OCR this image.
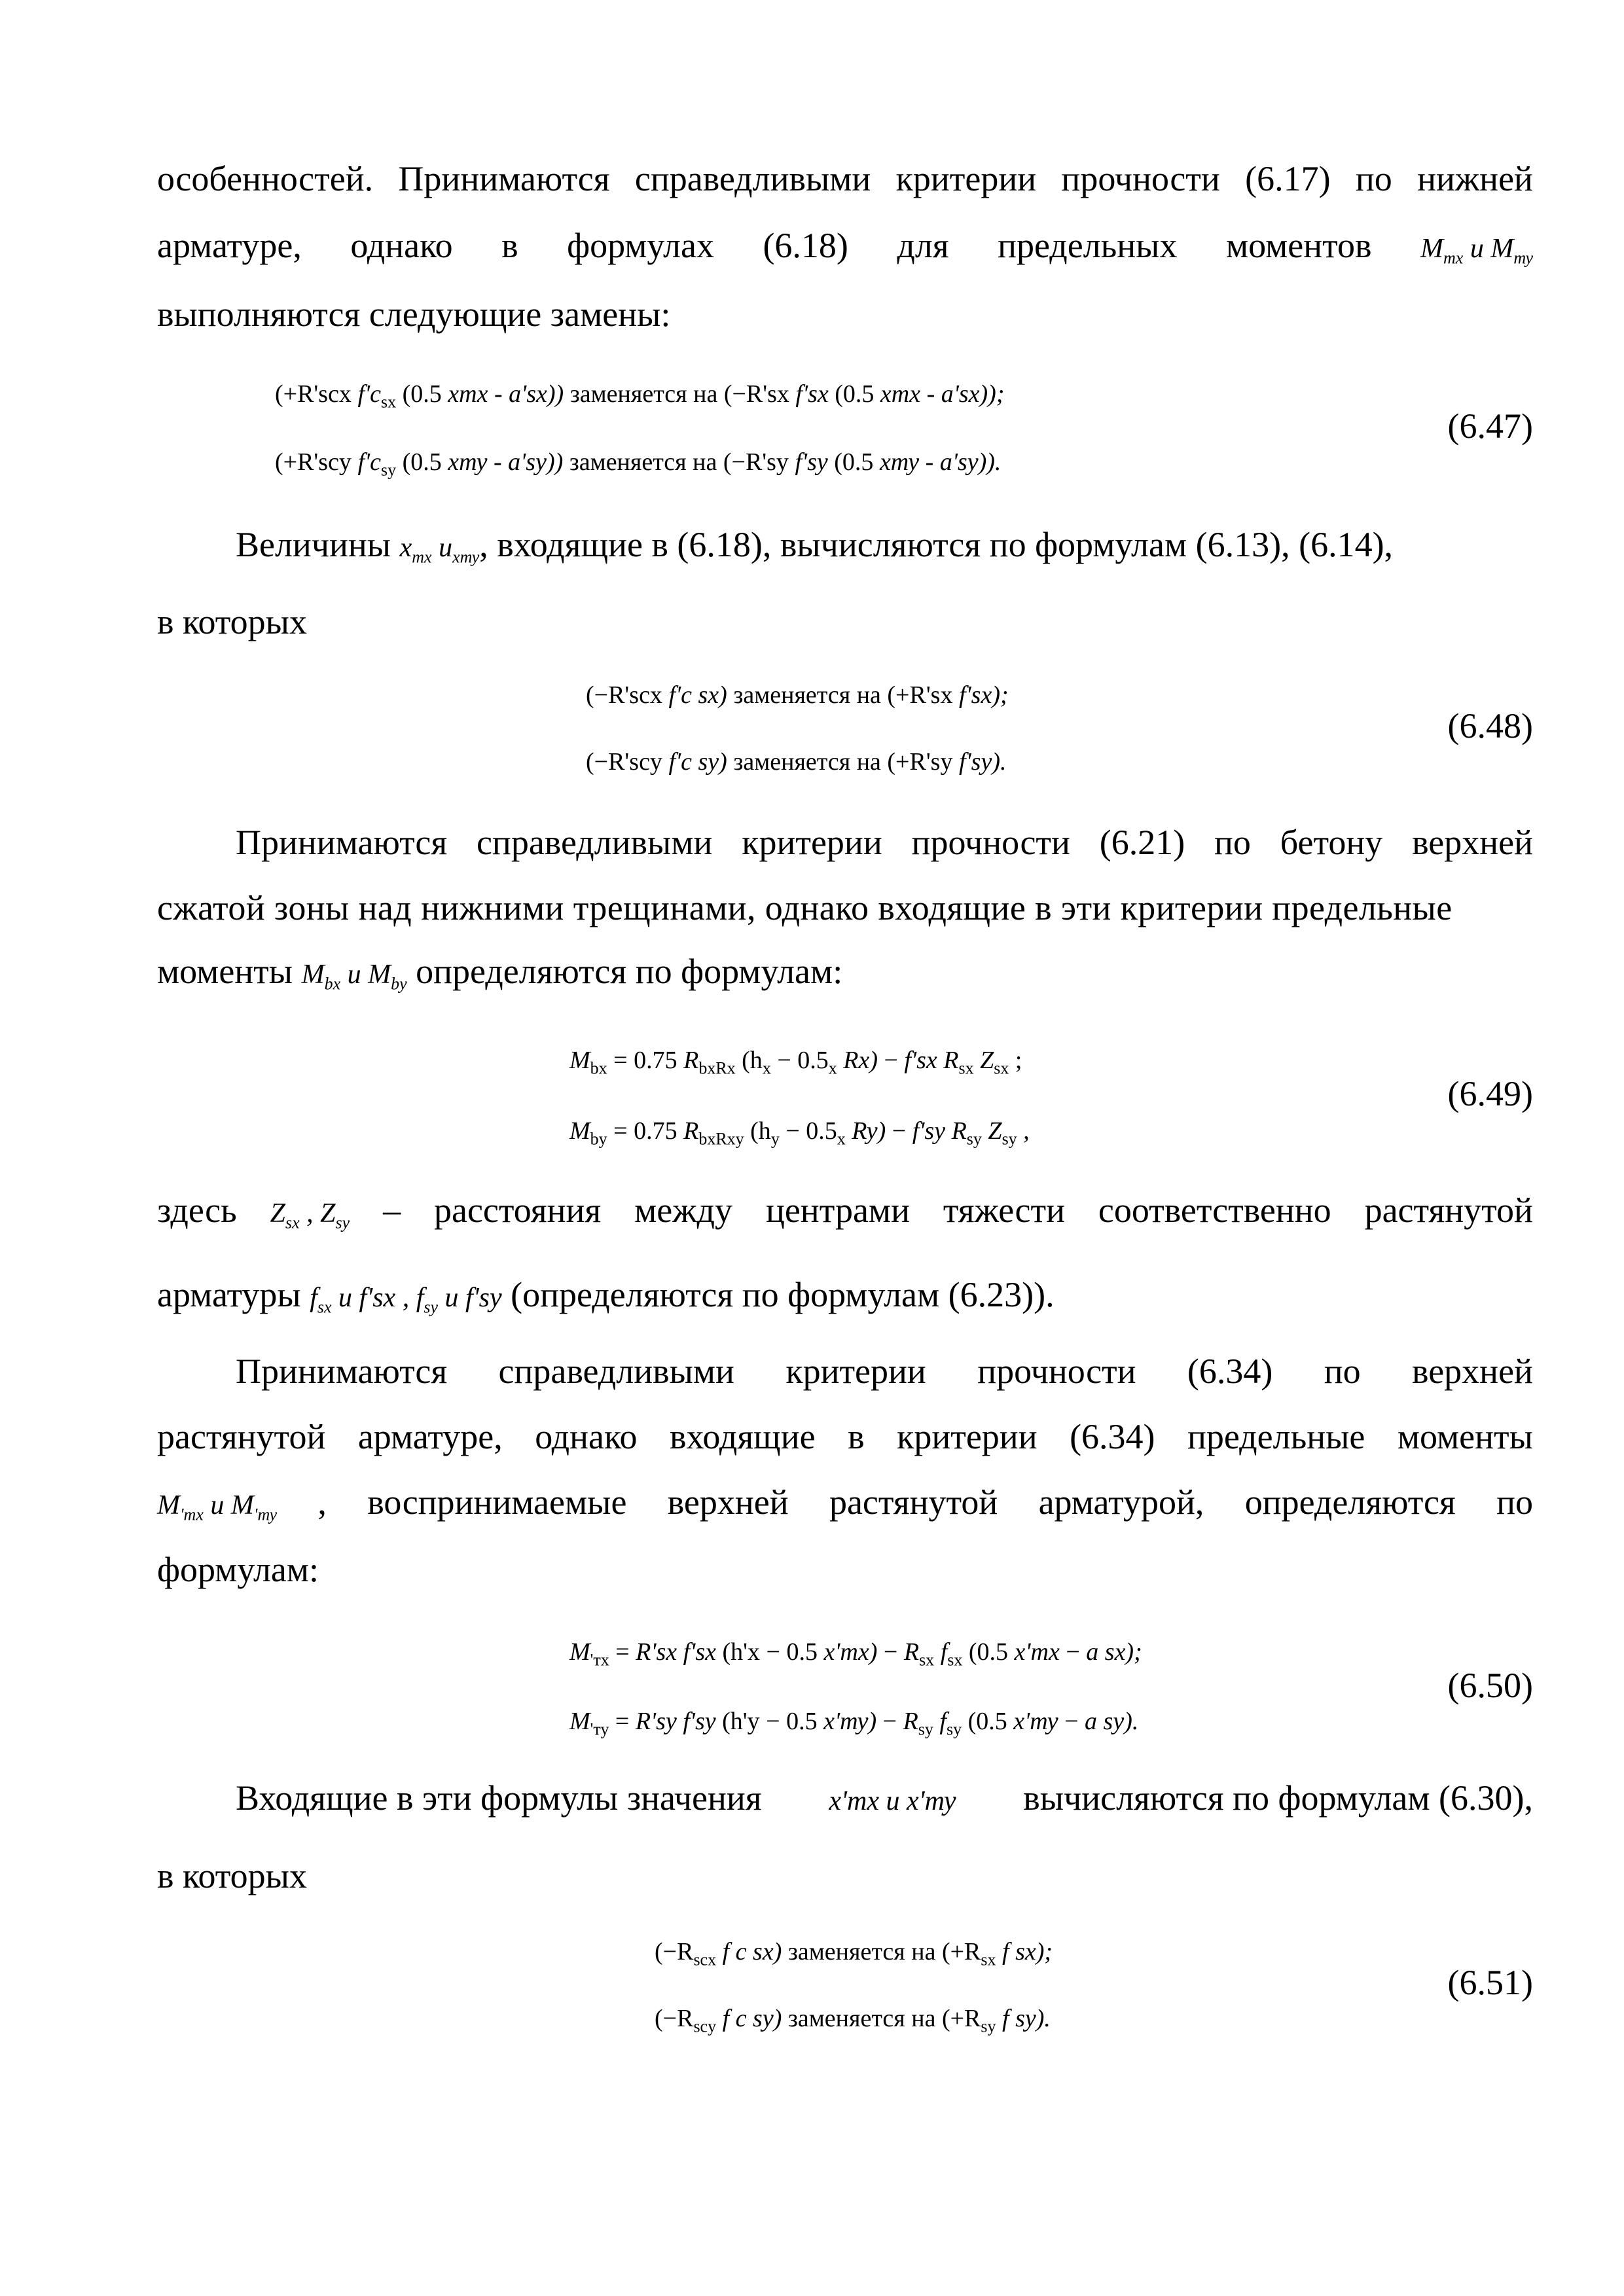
особенностей. Принимаются справедливыми критерии прочности (6.17) по нижней
арматуре, однако в формулах (6.18) для предельных моментов $M_{тх}$ и $M_{ту}$
выполняются следующие замены:
(+R'scx $f'c_{sx}$ (0.5 xтх - a'sx)) заменяется на (−R'sx f'sx (0.5 xтх - a'sx));
(+R'scy $f'c_{sy}$ (0.5 xту - a'sy)) заменяется на (−R'sy f'sy (0.5 xту - a'sy)).
(6.47)
Величины $x_{тх}$ $и_{xту}$, входящие в (6.18), вычисляются по формулам (6.13), (6.14),
в которых
(−R'scx f'c sx) заменяется на (+R'sx f'sx);
(−R'scy f'c sy) заменяется на (+R'sy f'sy).
(6.48)
Принимаются справедливыми критерии прочности (6.21) по бетону верхней
сжатой зоны над нижними трещинами, однако входящие в эти критерии предельные
моменты $M_{bx}$ и $M_{by}$ определяются по формулам:
$M_{bx} = 0.75$ $R_{bxRx}$ ($h_x - 0.5_x$ Rx) − f'sx $R_{sx}$ $Z_{sx}$ ;
$M_{by} = 0.75$ $R_{bxRxy}$ ($h_y - 0.5_x$ Ry) − f'sy $R_{sy}$ $Z_{sy}$ ,
(6.49)
здесь $Z_{sx}$ , $Z_{sy}$ – расстояния между центрами тяжести соответственно растянутой
арматуры $f_{sx}$ и f'sx , $f_{sy}$ и f'sy (определяются по формулам (6.23)).
Принимаются справедливыми критерии прочности (6.34) по верхней
растянутой арматуре, однако входящие в критерии (6.34) предельные моменты
$M_{'тх}$ и $M_{'ту}$ , воспринимаемые верхней растянутой арматурой, определяются по
формулам:
$M_{'тх} = R'sx$ f'sx (h'x − 0.5 $x'тх) - R_{sx}$ $f_{sx}$ (0.5 x'тх − a sx);
$M_{'ту} = R'sy$ f'sy (h'y − 0.5 $x'ту) - R_{sy}$ $f_{sy}$ (0.5 x'ту − a sy).
(6.50)
Входящие в эти формулы значения x'тх и x'ту вычисляются по формулам (6.30),
в которых
($-R_{scx}$ f c sx) заменяется на ($+R_{sx}$ f sx);
($-R_{scy}$ f c sy) заменяется на ($+R_{sy}$ f sy).
(6.51)
